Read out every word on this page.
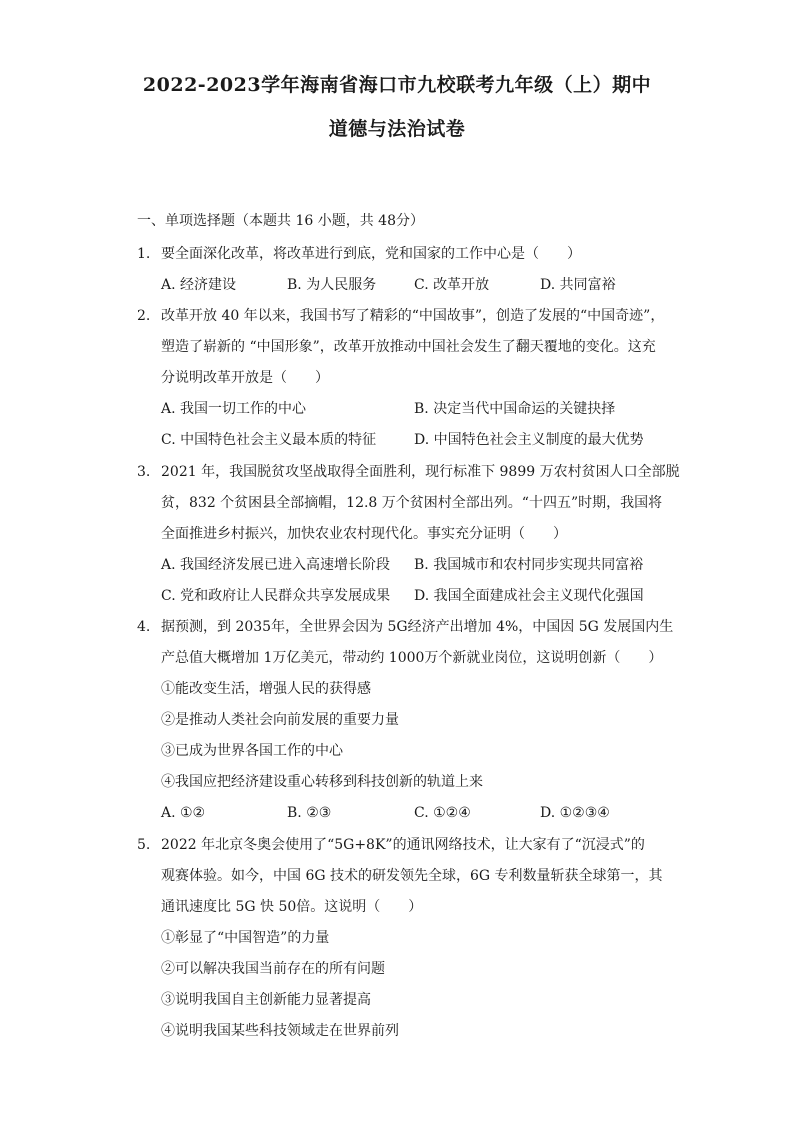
2022-2023学年海南省海口市九校联考九年级（上）期中
道德与法治试卷
一、单项选择题（本题共 16 小题，共 48分）
1. 要全面深化改革，将改革进行到底，党和国家的工作中心是（　　）
A. 经济建设	B. 为人民服务	C. 改革开放	D. 共同富裕
2. 改革开放 40 年以来，我国书写了精彩的“中国故事”，创造了发展的“中国奇迹”，
塑造了崭新的 “中国形象”，改革开放推动中国社会发生了翻天覆地的变化。这充
分说明改革开放是（　　）
A. 我国一切工作的中心	B. 决定当代中国命运的关键抉择
C. 中国特色社会主义最本质的特征	D. 中国特色社会主义制度的最大优势
3. 2021 年，我国脱贫攻坚战取得全面胜利，现行标准下 9899 万农村贫困人口全部脱
贫，832 个贫困县全部摘帽，12.8 万个贫困村全部出列。“十四五”时期，我国将
全面推进乡村振兴，加快农业农村现代化。事实充分证明（　　）
A. 我国经济发展已进入高速增长阶段 B. 我国城市和农村同步实现共同富裕
C. 党和政府让人民群众共享发展成果 D. 我国全面建成社会主义现代化强国
4. 据预测，到 2035年，全世界会因为 5G经济产出增加 4%，中国因 5G 发展国内生
产总值大概增加 1万亿美元，带动约 1000万个新就业岗位，这说明创新（　　）
①能改变生活，增强人民的获得感
②是推动人类社会向前发展的重要力量
③已成为世界各国工作的中心
④我国应把经济建设重心转移到科技创新的轨道上来
A. ①②	B. ②③	C. ①②④	D. ①②③④
5. 2022 年北京冬奥会使用了“5G+8K”的通讯网络技术，让大家有了“沉浸式”的
观赛体验。如今，中国 6G 技术的研发领先全球，6G 专利数量斩获全球第一，其
通讯速度比 5G 快 50倍。这说明（　　）
①彰显了“中国智造”的力量
②可以解决我国当前存在的所有问题
③说明我国自主创新能力显著提高
④说明我国某些科技领域走在世界前列
